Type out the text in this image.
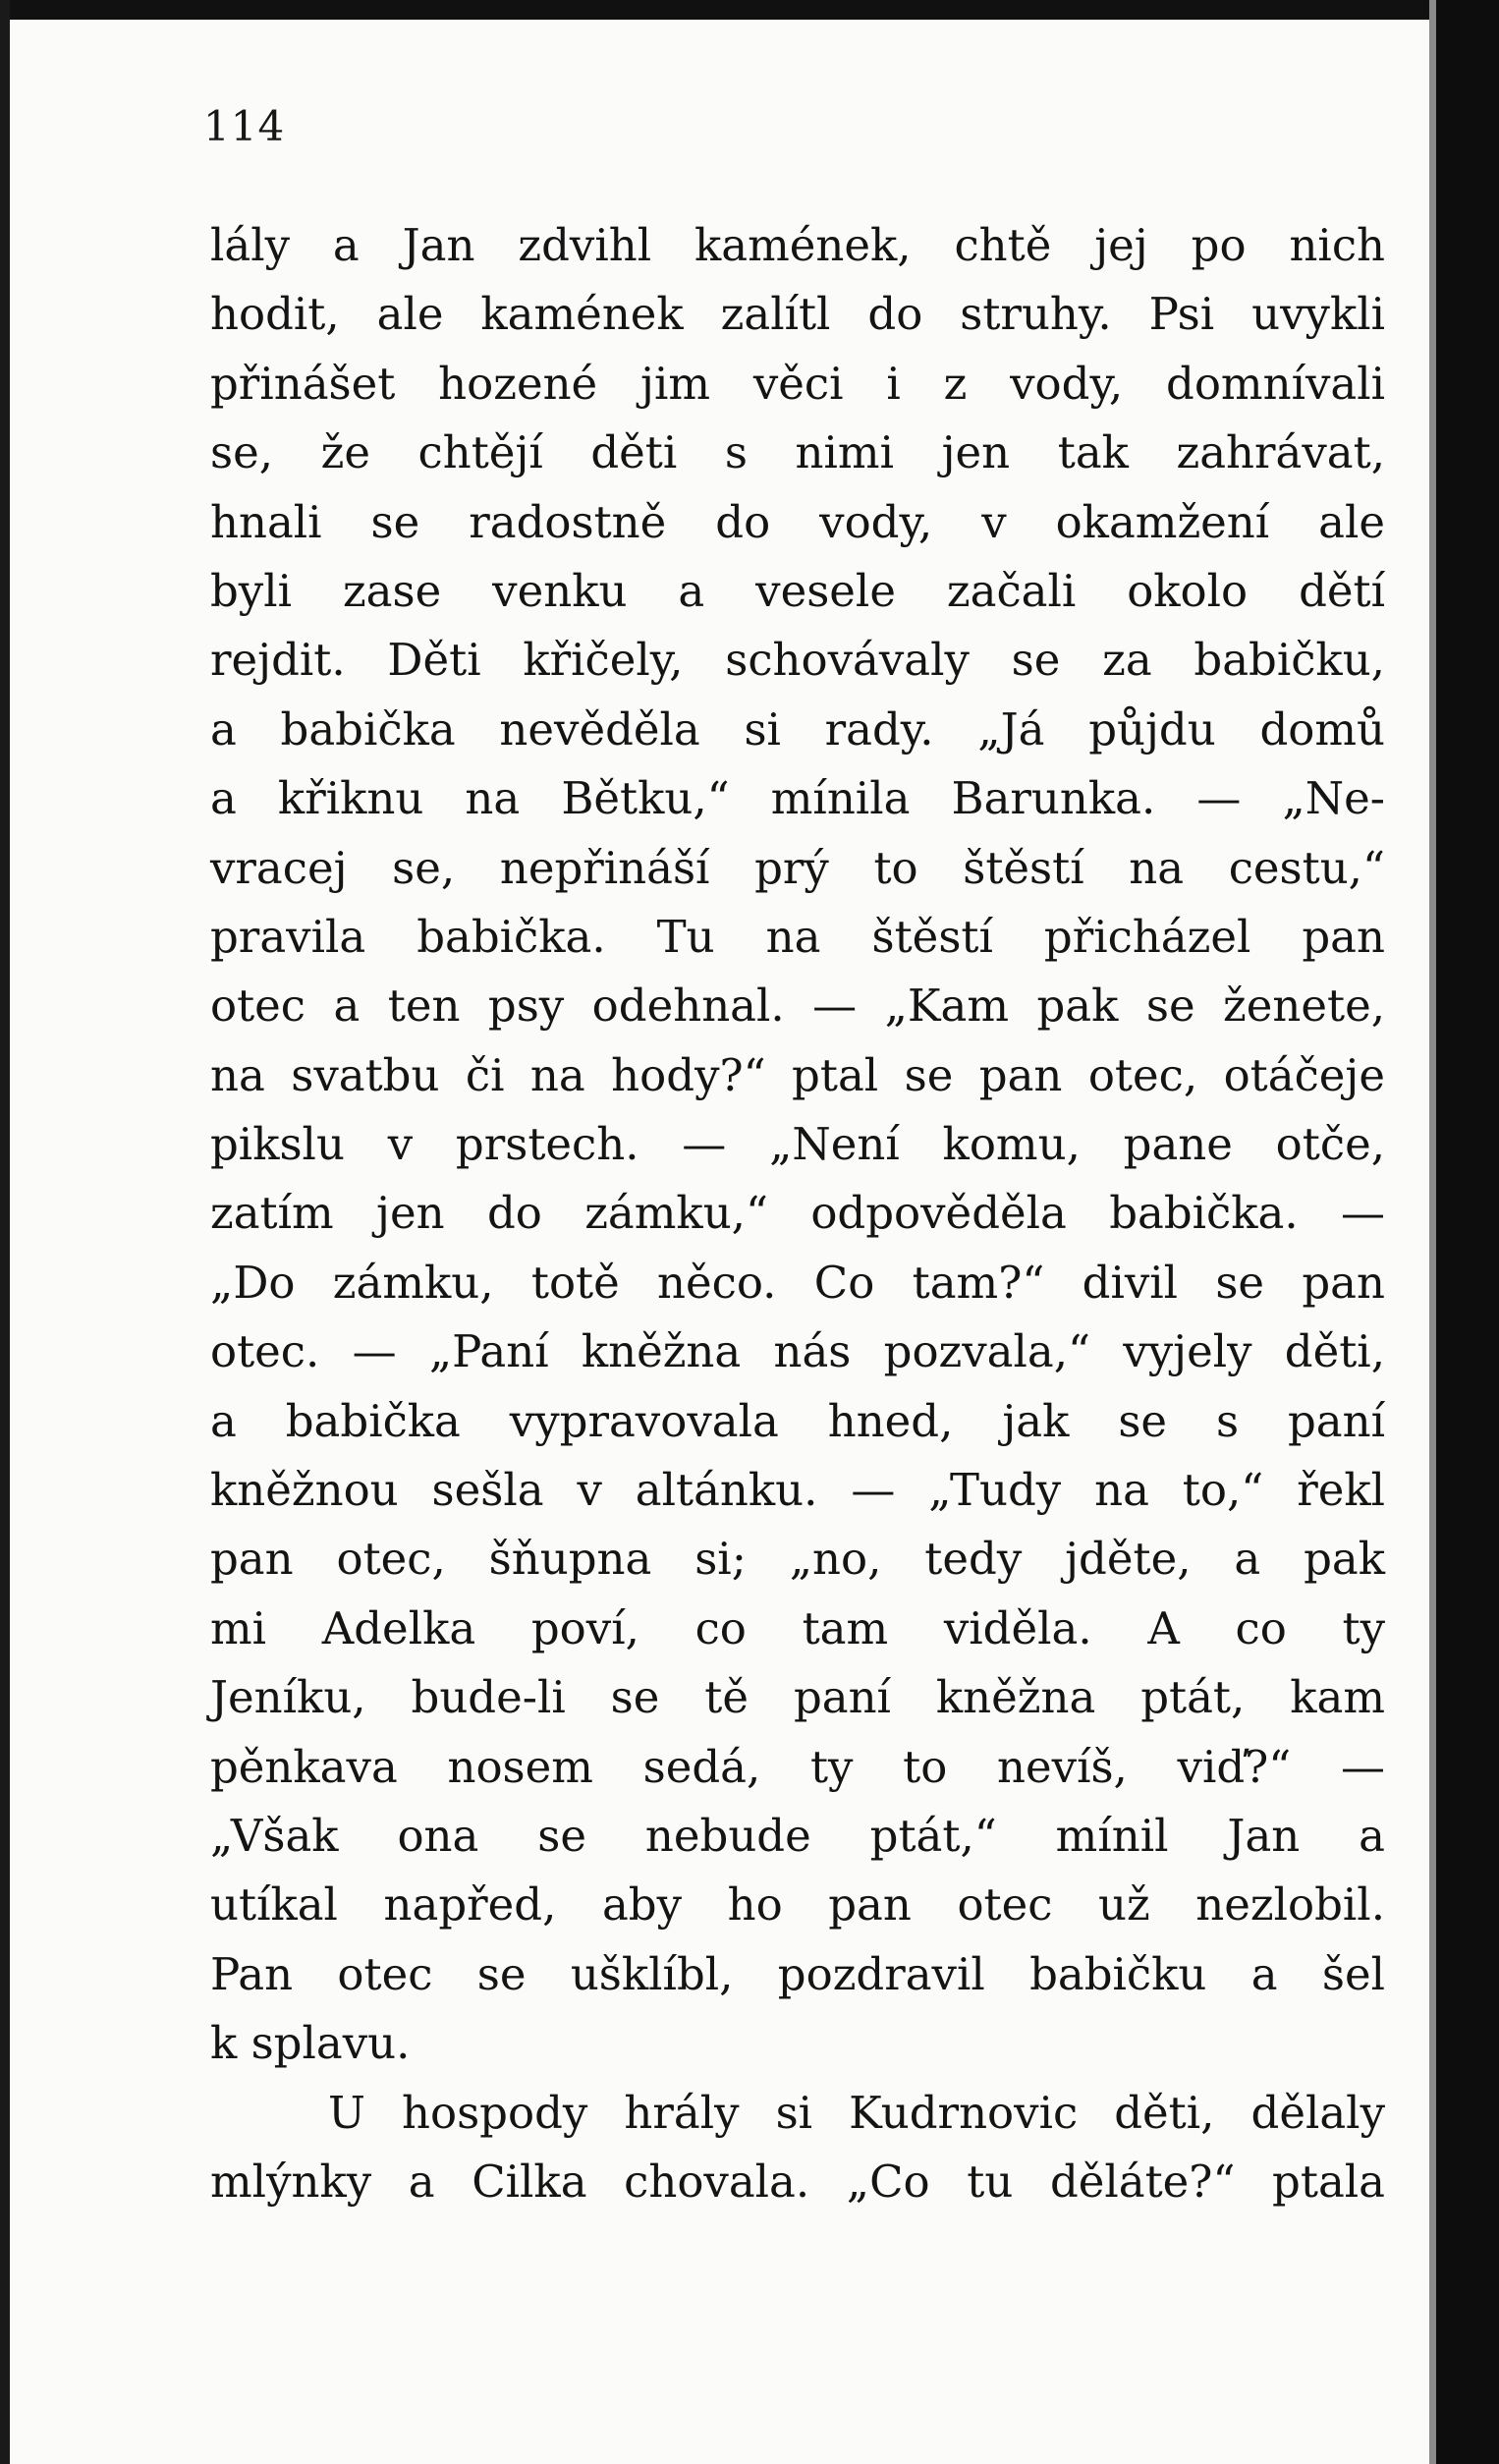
114
lály a Jan zdvihl kamének, chtě jej po nich
hodit, ale kamének zalítl do struhy. Psi uvykli
přinášet hozené jim věci i z vody, domnívali
se, že chtějí děti s nimi jen tak zahrávat,
hnali se radostně do vody, v okamžení ale
byli zase venku a vesele začali okolo dětí
rejdit. Děti křičely, schovávaly se za babičku,
a babička nevěděla si rady. „Já půjdu domů
a křiknu na Bětku,“ mínila Barunka. — „Ne-
vracej se, nepřináší prý to štěstí na cestu,“
pravila babička. Tu na štěstí přicházel pan
otec a ten psy odehnal. — „Kam pak se ženete,
na svatbu či na hody?“ ptal se pan otec, otáčeje
pikslu v prstech. — „Není komu, pane otče,
zatím jen do zámku,“ odpověděla babička. —
„Do zámku, totě něco. Co tam?“ divil se pan
otec. — „Paní kněžna nás pozvala,“ vyjely děti,
a babička vypravovala hned, jak se s paní
kněžnou sešla v altánku. — „Tudy na to,“ řekl
pan otec, šňupna si; „no, tedy jděte, a pak
mi Adelka poví, co tam viděla. A co ty
Jeníku, bude-li se tě paní kněžna ptát, kam
pěnkava nosem sedá, ty to nevíš, viď?“ —
„Však ona se nebude ptát,“ mínil Jan a
utíkal napřed, aby ho pan otec už nezlobil.
Pan otec se ušklíbl, pozdravil babičku a šel
k splavu.
U hospody hrály si Kudrnovic děti, dělaly
mlýnky a Cilka chovala. „Co tu děláte?“ ptala
